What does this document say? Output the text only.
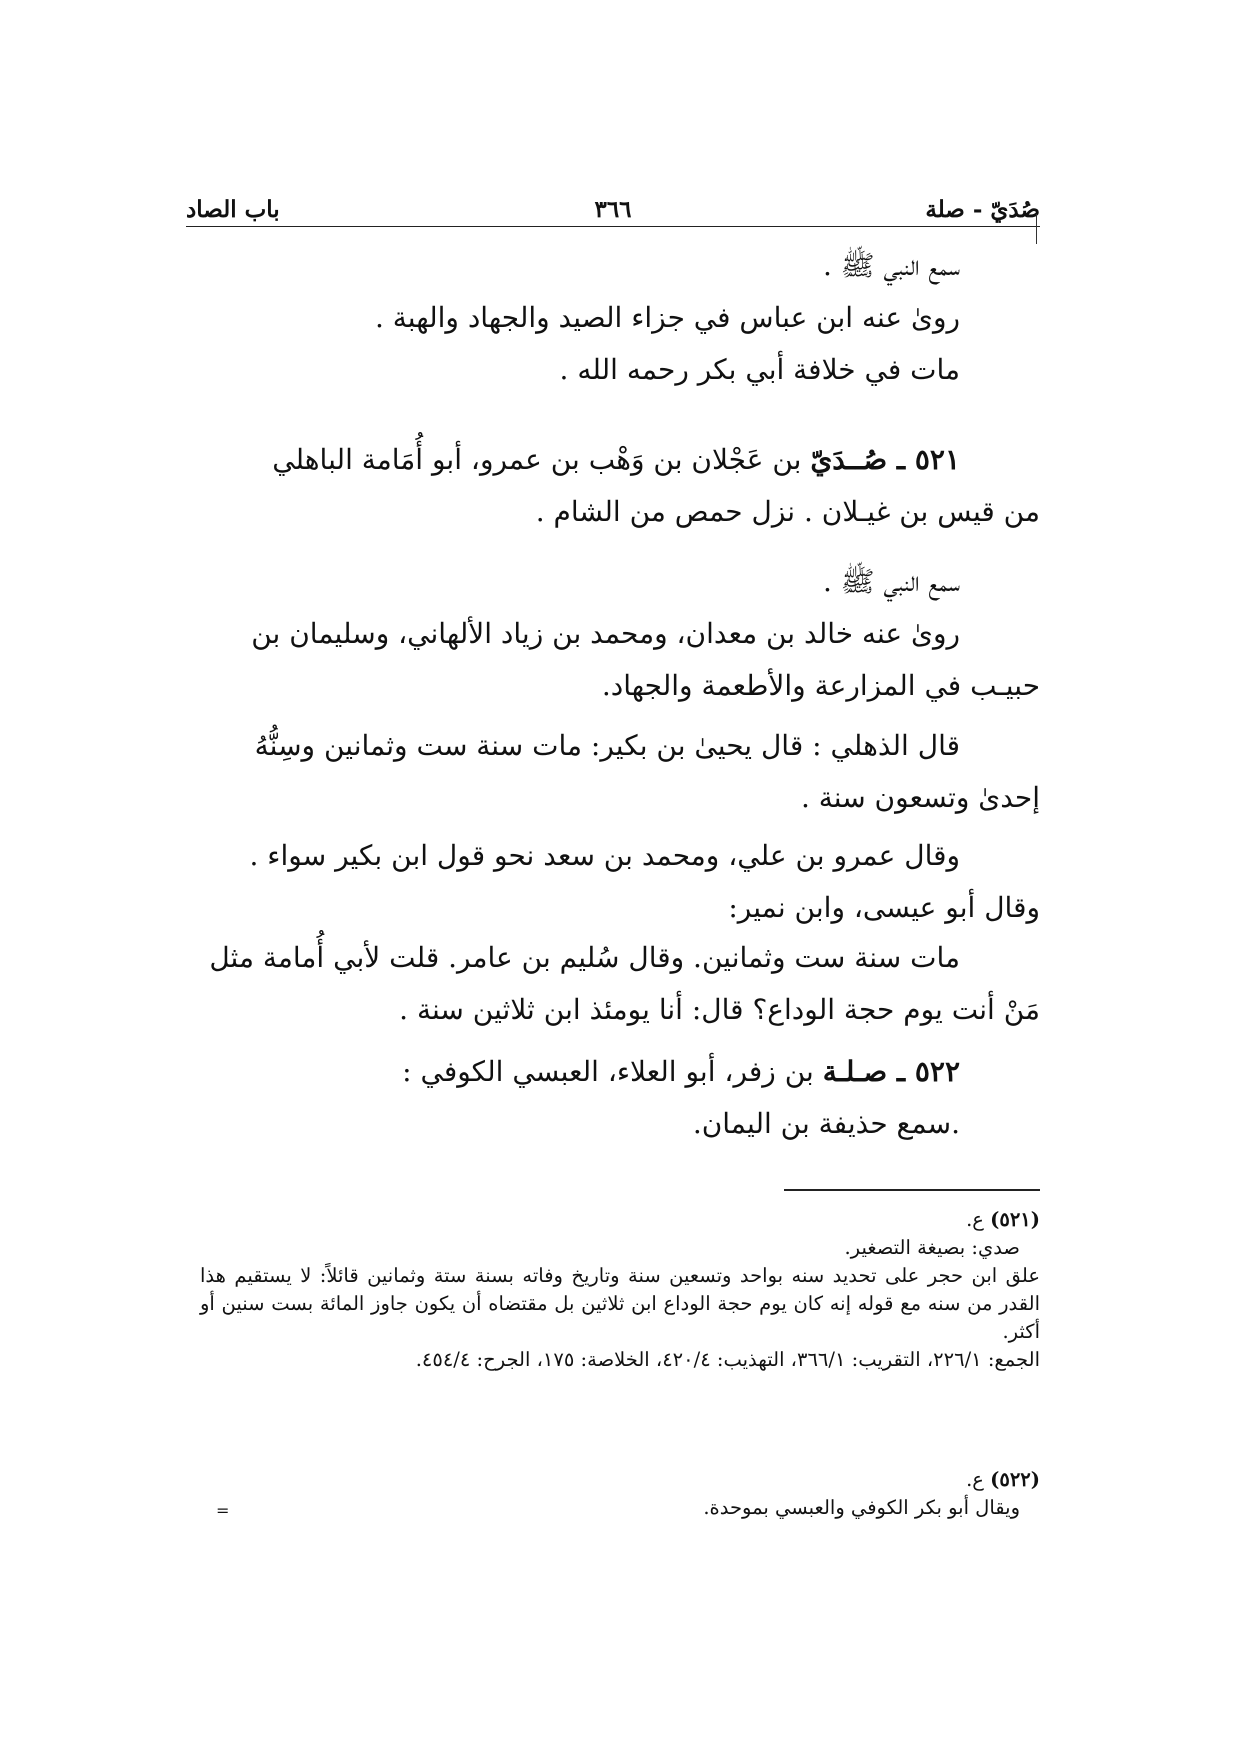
صُدَيّ - صلة
٣٦٦
باب الصاد
سمع النبي ﷺ .
روىٰ عنه ابن عباس في جزاء الصيد والجهاد والهبة .
مات في خلافة أبي بكر رحمه الله .
٥٢١ ـ صُــدَيّ بن عَجْلان بن وَهْب بن عمرو، أبو أُمَامة الباهلي
من قيس بن غيـلان . نزل حمص من الشام .
سمع النبي ﷺ .
روىٰ عنه خالد بن معدان، ومحمد بن زياد الألهاني، وسليمان بن
حبيـب في المزارعة والأطعمة والجهاد.
قال الذهلي : قال يحيىٰ بن بكير: مات سنة ست وثمانين وسِنُّهُ
إحدىٰ وتسعون سنة .
وقال عمرو بن علي، ومحمد بن سعد نحو قول ابن بكير سواء .
وقال أبو عيسى، وابن نمير:
مات سنة ست وثمانين. وقال سُليم بن عامر. قلت لأبي أُمامة مثل
مَنْ أنت يوم حجة الوداع؟ قال: أنا يومئذ ابن ثلاثين سنة .
٥٢٢ ـ صـلـة بن زفر، أبو العلاء، العبسي الكوفي :
.سمع حذيفة بن اليمان.
(٥٢١) ع.
صدي: بصيغة التصغير.
علق ابن حجر على تحديد سنه بواحد وتسعين سنة وتاريخ وفاته بسنة ستة وثمانين قائلاً: لا يستقيم هذا القدر من سنه مع قوله إنه كان يوم حجة الوداع ابن ثلاثين بل مقتضاه أن يكون جاوز المائة بست سنين أو أكثر.
الجمع: ٢٢٦/١، التقريب: ٣٦٦/١، التهذيب: ٤٢٠/٤، الخلاصة: ١٧٥، الجرح: ٤٥٤/٤.
(٥٢٢) ع.
ويقال أبو بكر الكوفي والعبسي بموحدة.
=
